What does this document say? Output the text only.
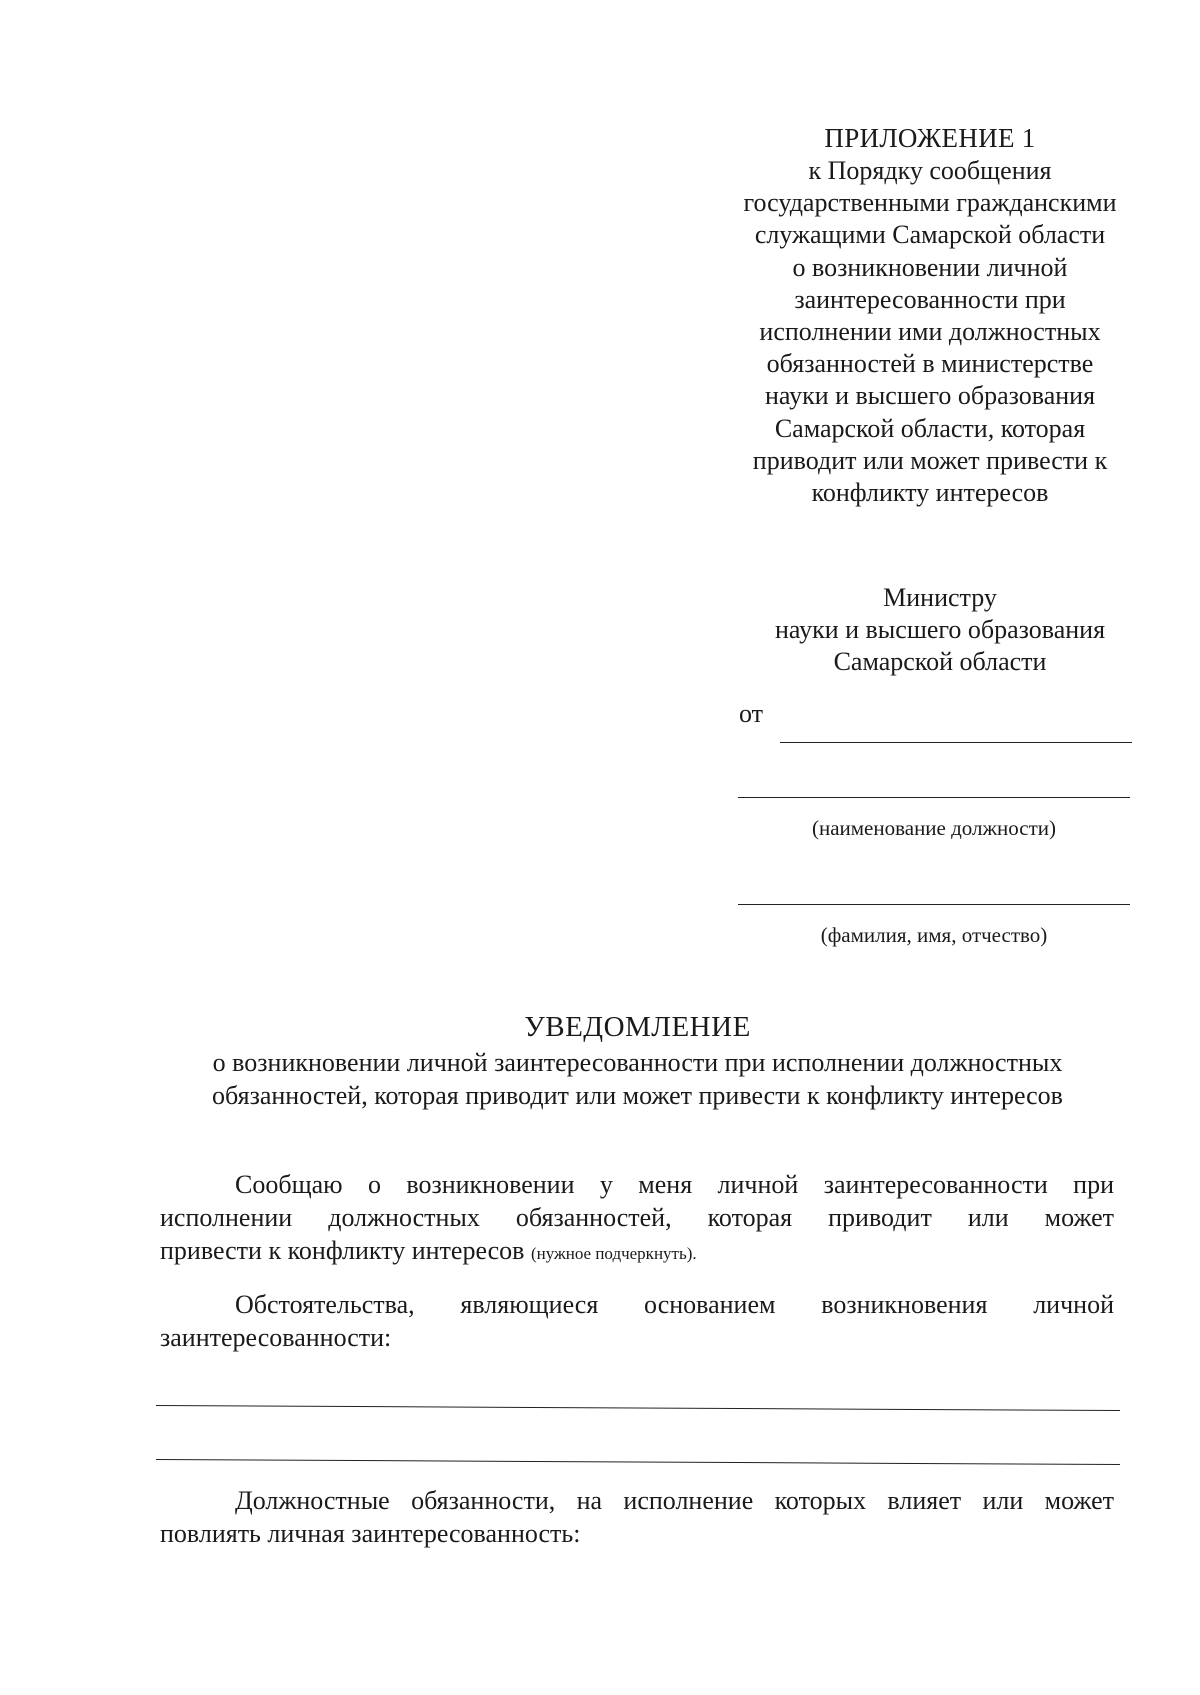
ПРИЛОЖЕНИЕ 1
к Порядку сообщения
государственными гражданскими
служащими Самарской области
о возникновении личной
заинтересованности при
исполнении ими должностных
обязанностей в министерстве
науки и высшего образования
Самарской области, которая
приводит или может привести к
конфликту интересов
Министру
науки и высшего образования
Самарской области
от
(наименование должности)
(фамилия, имя, отчество)
УВЕДОМЛЕНИЕ
о возникновении личной заинтересованности при исполнении должностных
обязанностей, которая приводит или может привести к конфликту интересов
Сообщаю о возникновении у меня личной заинтересованности при
исполнении должностных обязанностей, которая приводит или может
привести к конфликту интересов (нужное подчеркнуть).
Обстоятельства, являющиеся основанием возникновения личной
заинтересованности:
Должностные обязанности, на исполнение которых влияет или может
повлиять личная заинтересованность:
